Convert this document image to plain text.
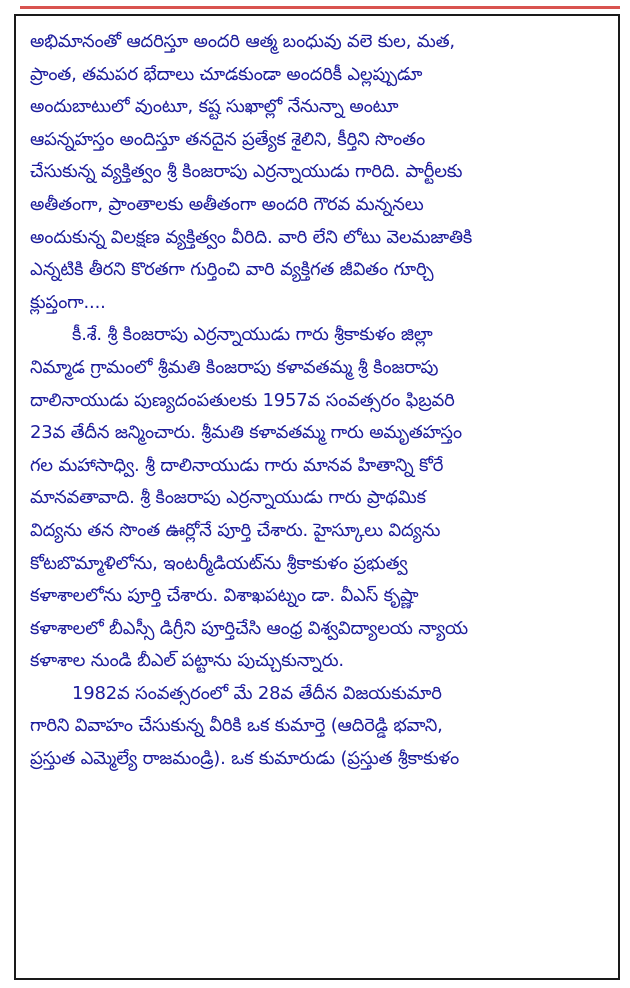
అభిమానంతో ఆదరిస్తూ అందరి ఆత్మ బంధువు వలె కుల, మత,
ప్రాంత, తమపర భేదాలు చూడకుండా అందరికీ ఎల్లప్పుడూ
అందుబాటులో వుంటూ, కష్ట సుఖాల్లో నేనున్నా అంటూ
ఆపన్నహస్తం అందిస్తూ తనదైన ప్రత్యేక శైలిని, కీర్తిని సొంతం
చేసుకున్న వ్యక్తిత్వం శ్రీ కింజరాపు ఎర్రన్నాయుడు గారిది. పార్టీలకు
అతీతంగా, ప్రాంతాలకు అతీతంగా అందరి గౌరవ మన్ననలు
అందుకున్న విలక్షణ వ్యక్తిత్వం వీరిది. వారి లేని లోటు వెలమజాతికి
ఎన్నటికి తీరని కొరతగా గుర్తించి వారి వ్యక్తిగత జీవితం గూర్చి
క్లుప్తంగా....
కీ.శే. శ్రీ కింజరాపు ఎర్రన్నాయుడు గారు శ్రీకాకుళం జిల్లా
నిమ్మాడ గ్రామంలో శ్రీమతి కింజరాపు కళావతమ్మ శ్రీ కింజరాపు
దాలినాయుడు పుణ్యదంపతులకు 1957వ సంవత్సరం ఫిబ్రవరి
23వ తేదీన జన్మించారు. శ్రీమతి కళావతమ్మ గారు అమృతహస్తం
గల మహాసాధ్వి. శ్రీ దాలినాయుడు గారు మానవ హితాన్ని కోరే
మానవతావాది. శ్రీ కింజరాపు ఎర్రన్నాయుడు గారు ప్రాథమిక
విద్యను తన సొంత ఊర్లోనే పూర్తి చేశారు. హైస్కూలు విద్యను
కోటబొమ్మాళిలోను, ఇంటర్మీడియట్‌ను శ్రీకాకుళం ప్రభుత్వ
కళాశాలలోను పూర్తి చేశారు. విశాఖపట్నం డా. వీఎస్ కృష్ణా
కళాశాలలో బీఎస్సీ డిగ్రీని పూర్తిచేసి ఆంధ్ర విశ్వవిద్యాలయ న్యాయ
కళాశాల నుండి బీఎల్ పట్టాను పుచ్చుకున్నారు.
1982వ సంవత్సరంలో మే 28వ తేదీన విజయకుమారి
గారిని వివాహం చేసుకున్న వీరికి ఒక కుమార్తె (ఆదిరెడ్డి భవాని,
ప్రస్తుత ఎమ్మెల్యే రాజమండ్రి). ఒక కుమారుడు (ప్రస్తుత శ్రీకాకుళం
